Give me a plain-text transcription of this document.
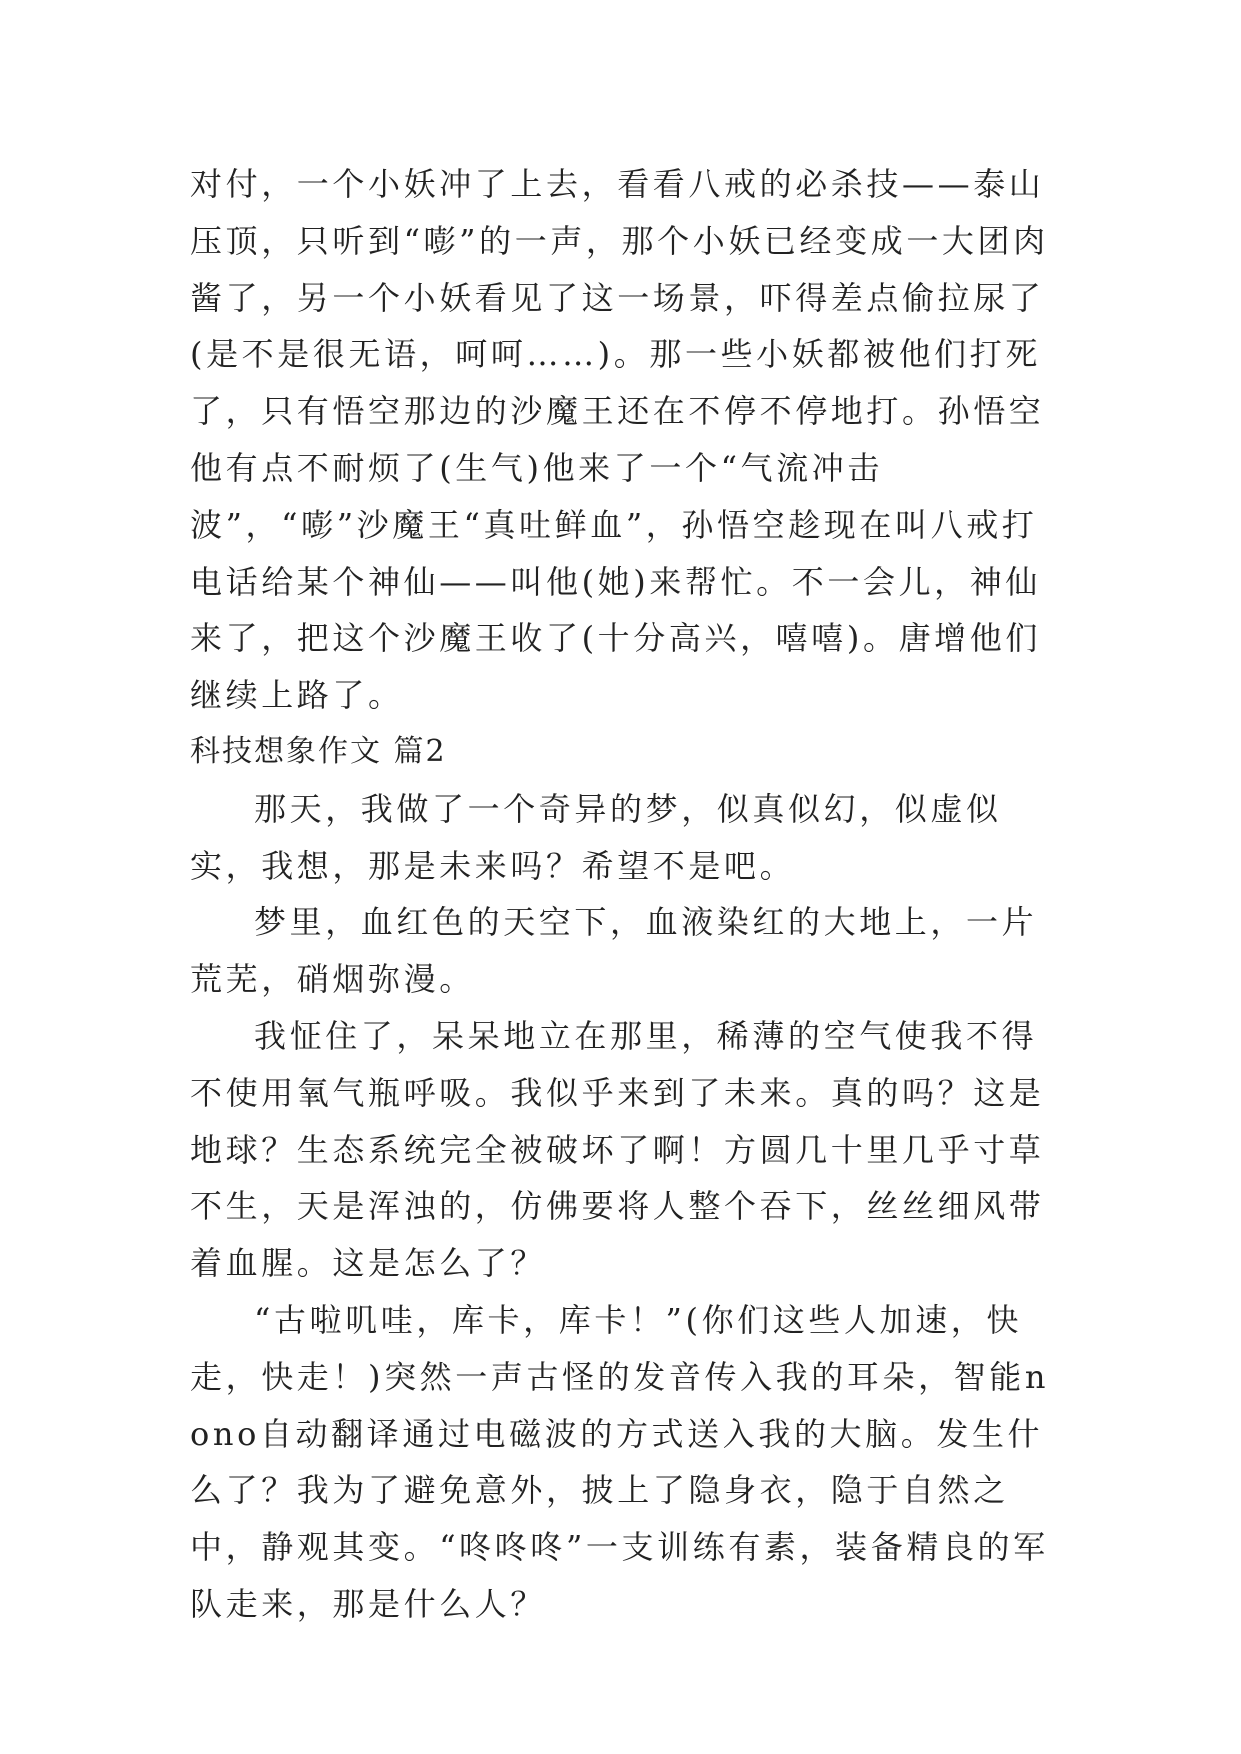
对付，一个小妖冲了上去，看看八戒的必杀技——泰山压顶，只听到“嘭”的一声，那个小妖已经变成一大团肉酱了，另一个小妖看见了这一场景，吓得差点偷拉尿了(是不是很无语，呵呵……)。那一些小妖都被他们打死了，只有悟空那边的沙魔王还在不停不停地打。孙悟空他有点不耐烦了(生气)他来了一个“气流冲击波”，“嘭”沙魔王“真吐鲜血”，孙悟空趁现在叫八戒打电话给某个神仙——叫他(她)来帮忙。不一会儿，神仙来了，把这个沙魔王收了(十分高兴，嘻嘻)。唐增他们继续上路了。

科技想象作文 篇2

那天，我做了一个奇异的梦，似真似幻，似虚似实，我想，那是未来吗？希望不是吧。

梦里，血红色的天空下，血液染红的大地上，一片荒芜，硝烟弥漫。

我怔住了，呆呆地立在那里，稀薄的空气使我不得不使用氧气瓶呼吸。我似乎来到了未来。真的吗？这是地球？生态系统完全被破坏了啊！方圆几十里几乎寸草不生，天是浑浊的，仿佛要将人整个吞下，丝丝细风带着血腥。这是怎么了？

“古啦叽哇，库卡，库卡！”(你们这些人加速，快走，快走！)突然一声古怪的发音传入我的耳朵，智能nono自动翻译通过电磁波的方式送入我的大脑。发生什么了？我为了避免意外，披上了隐身衣，隐于自然之中，静观其变。“咚咚咚”一支训练有素，装备精良的军队走来，那是什么人？
